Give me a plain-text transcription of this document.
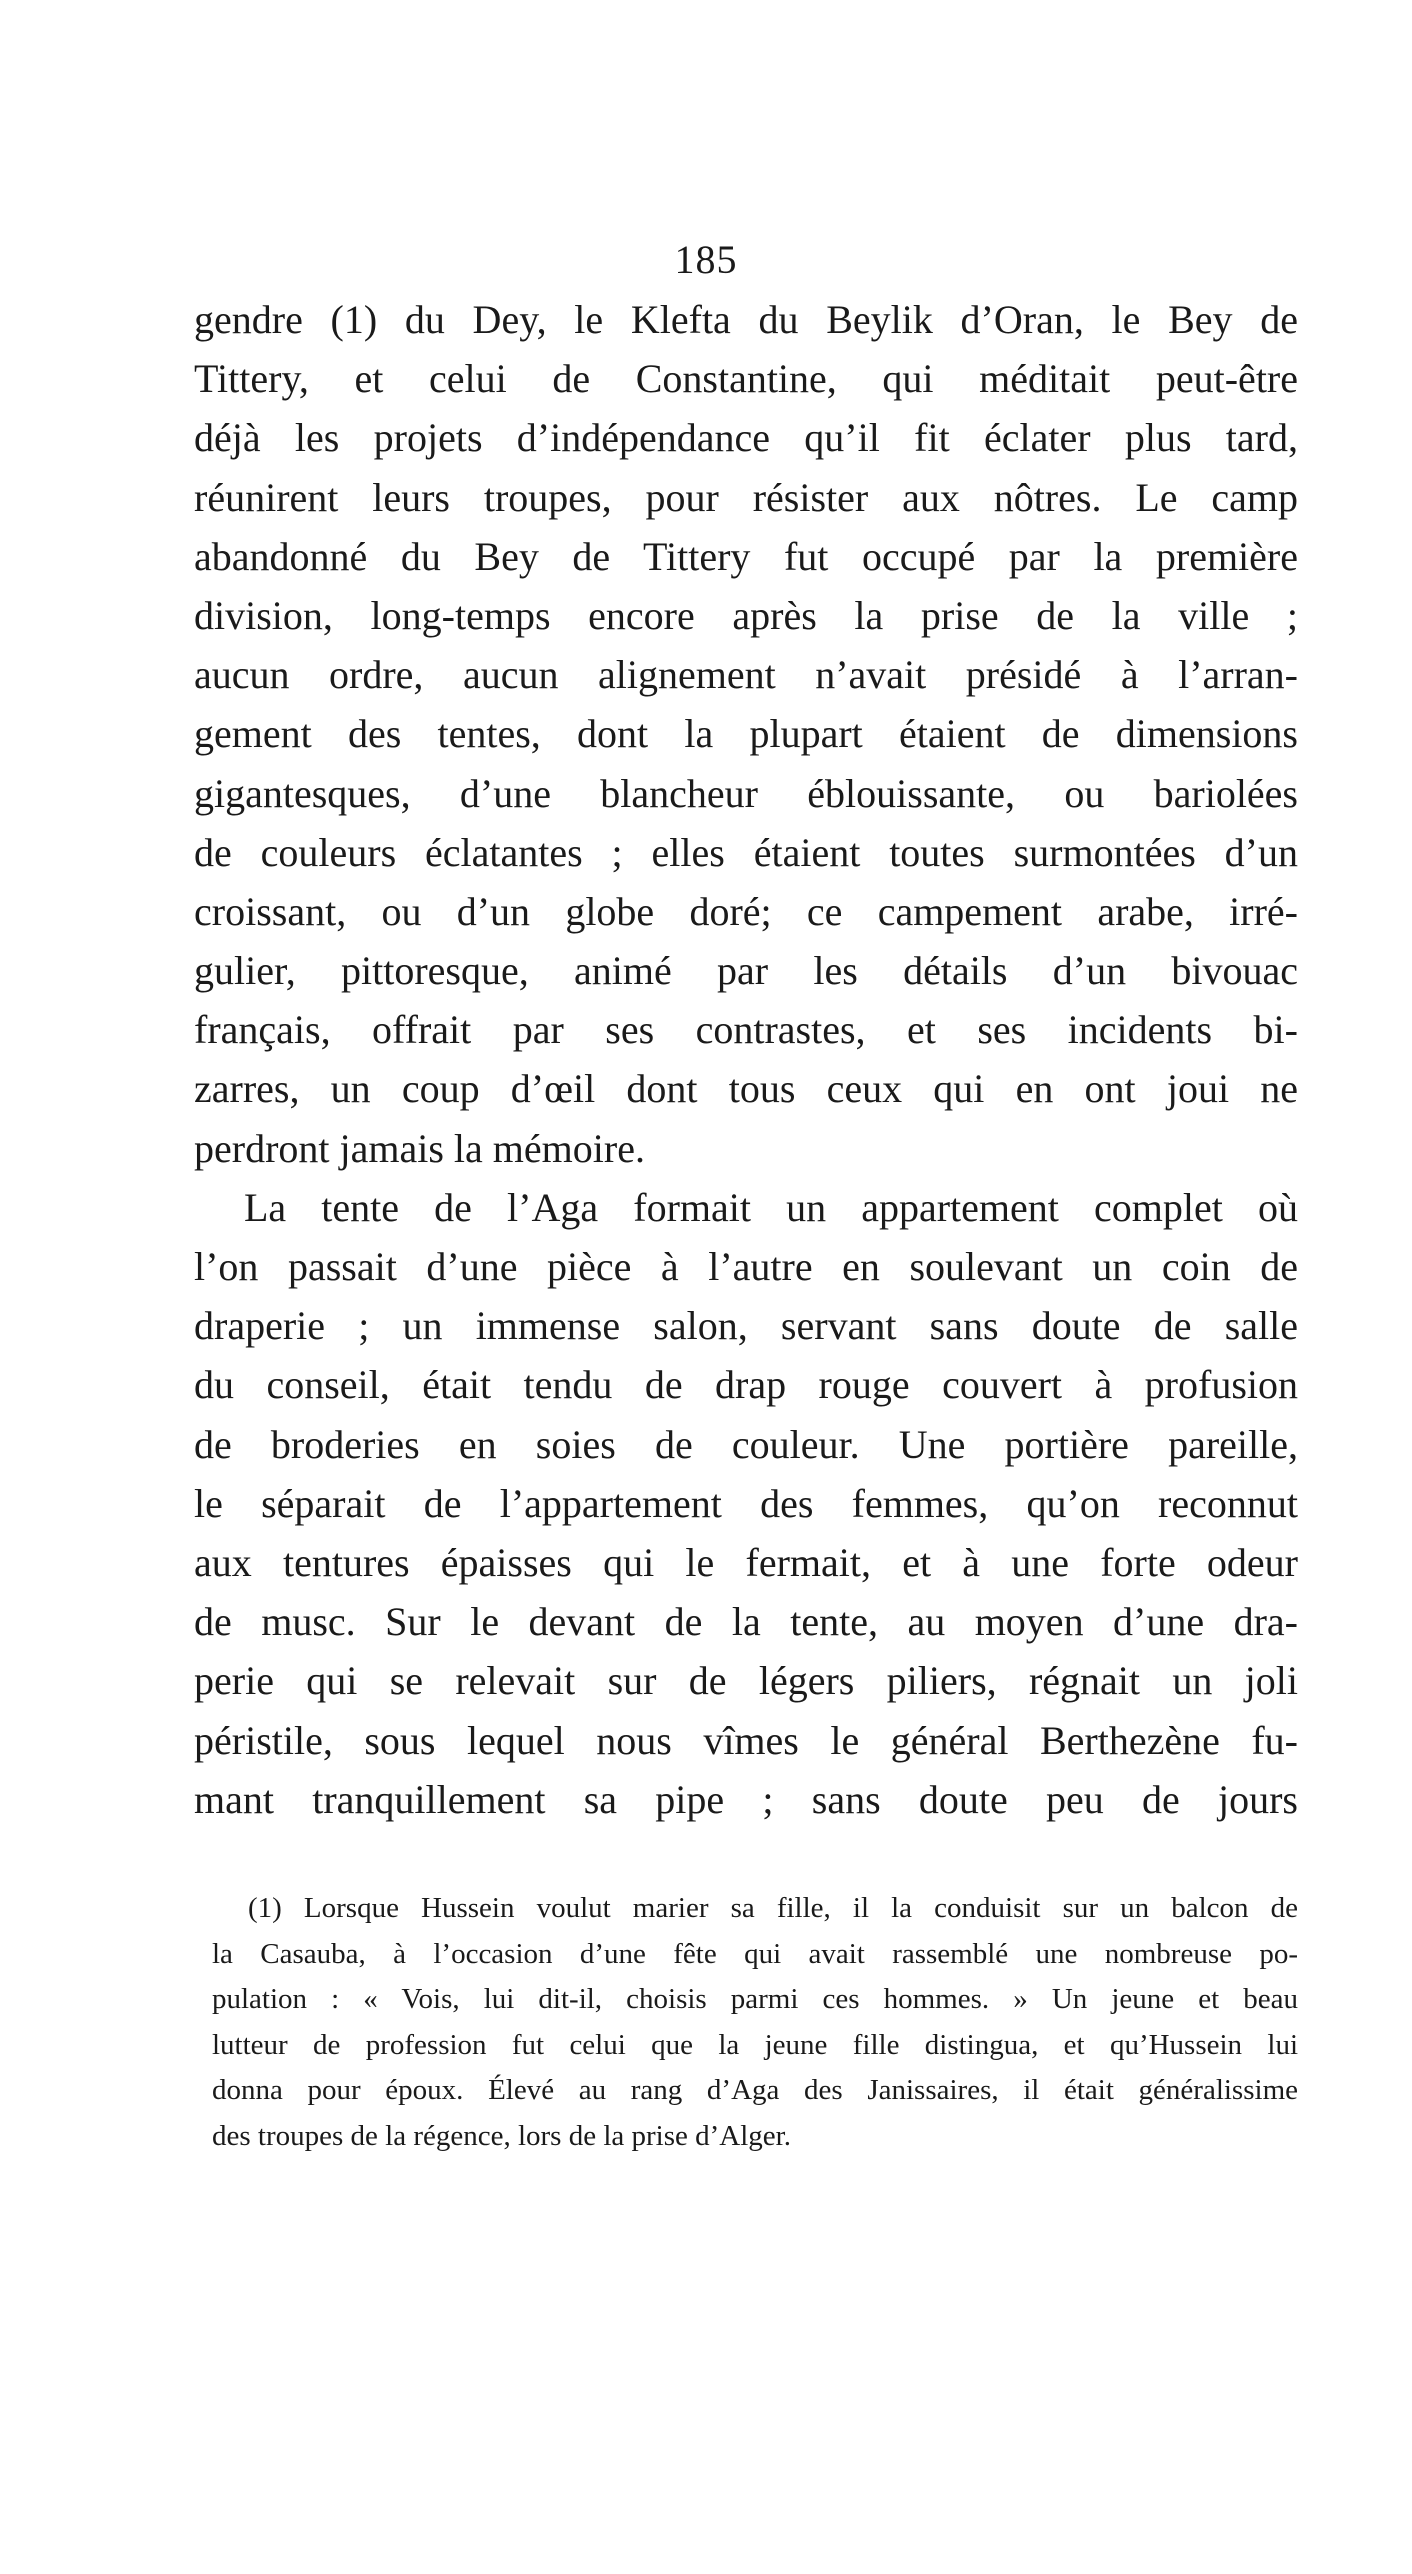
185
gendre (1) du Dey, le Klefta du Beylik d’Oran, le Bey de
Tittery, et celui de Constantine, qui méditait peut-être
déjà les projets d’indépendance qu’il fit éclater plus tard,
réunirent leurs troupes, pour résister aux nôtres. Le camp
abandonné du Bey de Tittery fut occupé par la première
division, long-temps encore après la prise de la ville ;
aucun ordre, aucun alignement n’avait présidé à l’arran-
gement des tentes, dont la plupart étaient de dimensions
gigantesques, d’une blancheur éblouissante, ou bariolées
de couleurs éclatantes ; elles étaient toutes surmontées d’un
croissant, ou d’un globe doré; ce campement arabe, irré-
gulier, pittoresque, animé par les détails d’un bivouac
français, offrait par ses contrastes, et ses incidents bi-
zarres, un coup d’œil dont tous ceux qui en ont joui ne
perdront jamais la mémoire.
La tente de l’Aga formait un appartement complet où
l’on passait d’une pièce à l’autre en soulevant un coin de
draperie ; un immense salon, servant sans doute de salle
du conseil, était tendu de drap rouge couvert à profusion
de broderies en soies de couleur. Une portière pareille,
le séparait de l’appartement des femmes, qu’on reconnut
aux tentures épaisses qui le fermait, et à une forte odeur
de musc. Sur le devant de la tente, au moyen d’une dra-
perie qui se relevait sur de légers piliers, régnait un joli
péristile, sous lequel nous vîmes le général Berthezène fu-
mant tranquillement sa pipe ; sans doute peu de jours
(1) Lorsque Hussein voulut marier sa fille, il la conduisit sur un balcon de
la Casauba, à l’occasion d’une fête qui avait rassemblé une nombreuse po-
pulation : « Vois, lui dit-il, choisis parmi ces hommes. » Un jeune et beau
lutteur de profession fut celui que la jeune fille distingua, et qu’Hussein lui
donna pour époux. Élevé au rang d’Aga des Janissaires, il était généralissime
des troupes de la régence, lors de la prise d’Alger.
